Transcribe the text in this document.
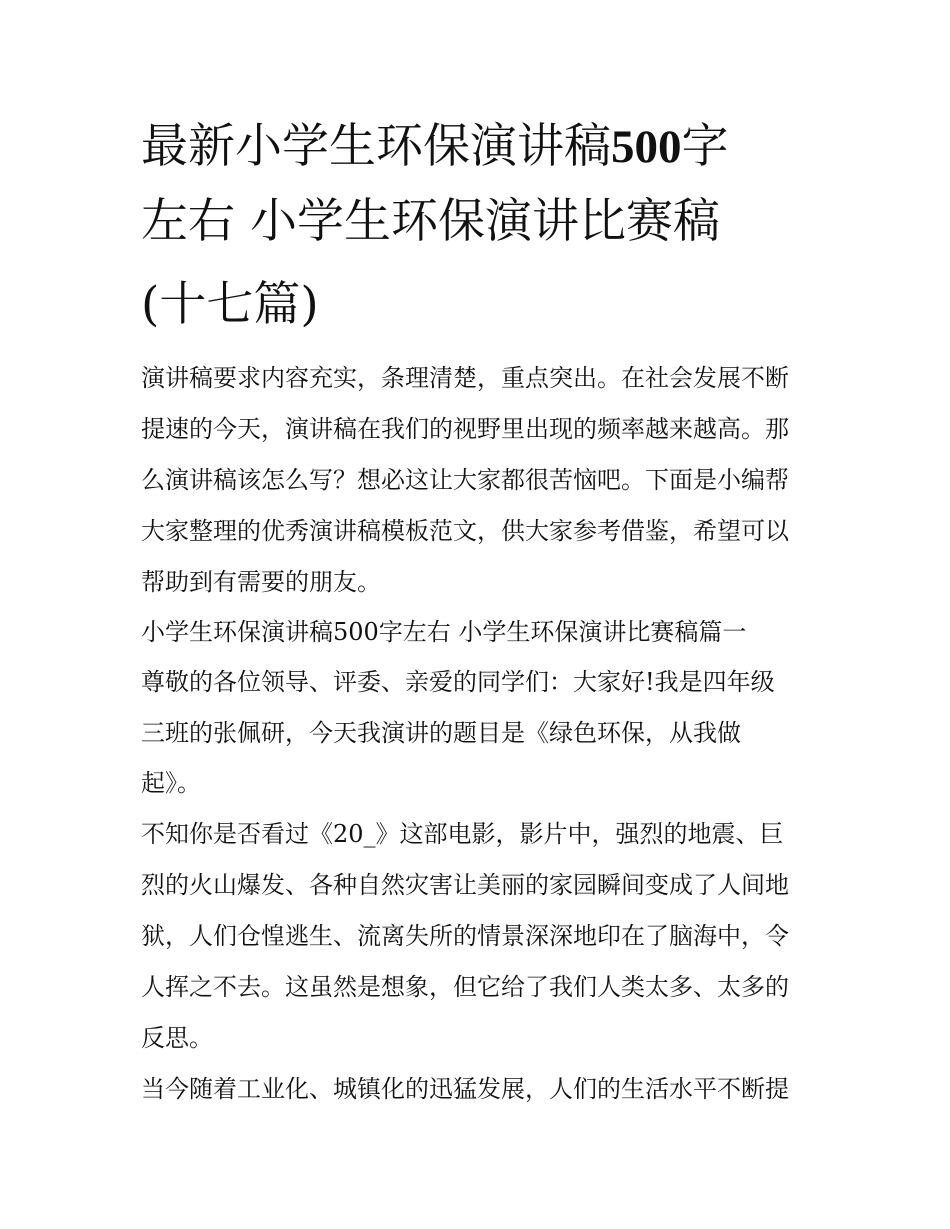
最新小学生环保演讲稿500字
左右 小学生环保演讲比赛稿
(十七篇)
演讲稿要求内容充实，条理清楚，重点突出。在社会发展不断
提速的今天，演讲稿在我们的视野里出现的频率越来越高。那
么演讲稿该怎么写？想必这让大家都很苦恼吧。下面是小编帮
大家整理的优秀演讲稿模板范文，供大家参考借鉴，希望可以
帮助到有需要的朋友。
小学生环保演讲稿500字左右 小学生环保演讲比赛稿篇一
尊敬的各位领导、评委、亲爱的同学们：大家好!我是四年级
三班的张佩研，今天我演讲的题目是《绿色环保，从我做
起》。
不知你是否看过《20_》这部电影，影片中，强烈的地震、巨
烈的火山爆发、各种自然灾害让美丽的家园瞬间变成了人间地
狱，人们仓惶逃生、流离失所的情景深深地印在了脑海中，令
人挥之不去。这虽然是想象，但它给了我们人类太多、太多的
反思。
当今随着工业化、城镇化的迅猛发展，人们的生活水平不断提
